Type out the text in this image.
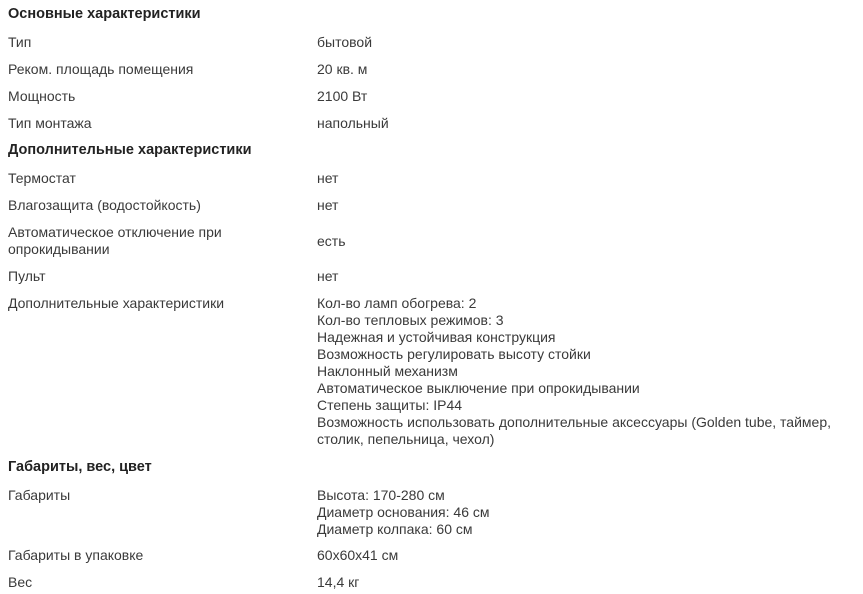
Основные характеристики
Тип	бытовой
Реком. площадь помещения	20 кв. м
Мощность	2100 Вт
Тип монтажа	напольный
Дополнительные характеристики
Термостат	нет
Влагозащита (водостойкость)	нет
Автоматическое отключение при опрокидывании	есть
Пульт	нет
Дополнительные характеристики	Кол-во ламп обогрева: 2
Кол-во тепловых режимов: 3
Надежная и устойчивая конструкция
Возможность регулировать высоту стойки
Наклонный механизм
Автоматическое выключение при опрокидывании
Степень защиты: IP44
Возможность использовать дополнительные аксессуары (Golden tube, таймер, столик, пепельница, чехол)
Габариты, вес, цвет
Габариты	Высота: 170-280 см
Диаметр основания: 46 см
Диаметр колпака: 60 см
Габариты в упаковке	60x60x41 см
Вес	14,4 кг
